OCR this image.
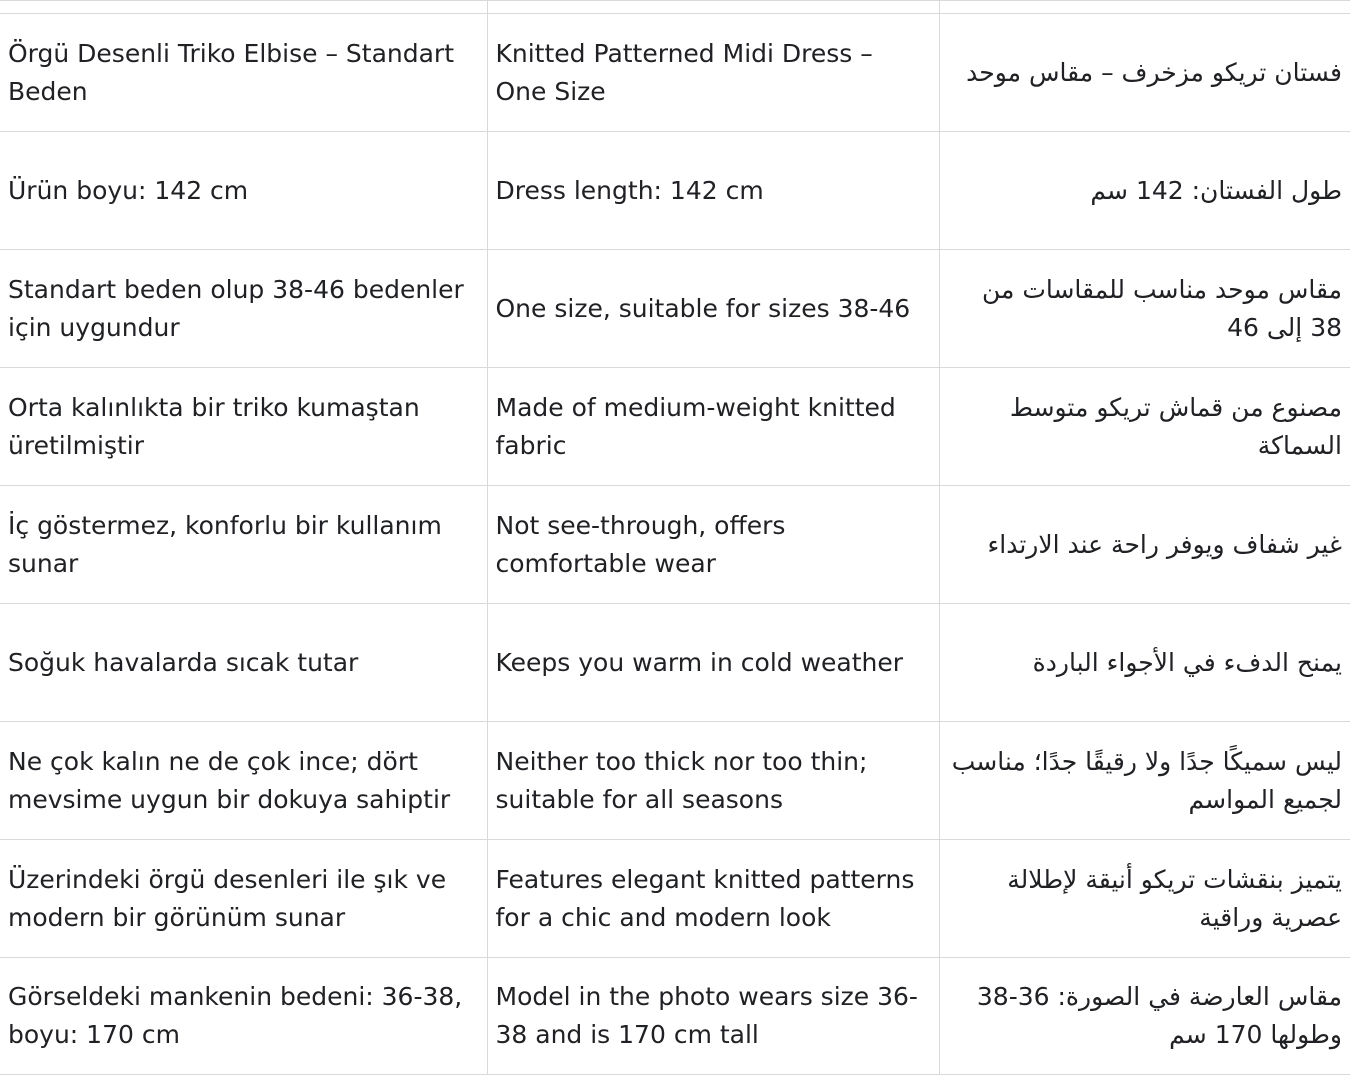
Örgü Desenli Triko Elbise – Standart Beden	Knitted Patterned Midi Dress – One Size	فستان تريكو مزخرف – مقاس موحد
Ürün boyu: 142 cm	Dress length: 142 cm	طول الفستان: 142 سم
Standart beden olup 38-46 bedenler için uygundur	One size, suitable for sizes 38-46	مقاس موحد مناسب للمقاسات من 38 إلى 46
Orta kalınlıkta bir triko kumaştan üretilmiştir	Made of medium-weight knitted fabric	مصنوع من قماش تريكو متوسط السماكة
İç göstermez, konforlu bir kullanım sunar	Not see-through, offers comfortable wear	غير شفاف ويوفر راحة عند الارتداء
Soğuk havalarda sıcak tutar	Keeps you warm in cold weather	يمنح الدفء في الأجواء الباردة
Ne çok kalın ne de çok ince; dört mevsime uygun bir dokuya sahiptir	Neither too thick nor too thin; suitable for all seasons	ليس سميكًا جدًا ولا رقيقًا جدًا؛ مناسب لجميع المواسم
Üzerindeki örgü desenleri ile şık ve modern bir görünüm sunar	Features elegant knitted patterns for a chic and modern look	يتميز بنقشات تريكو أنيقة لإطلالة عصرية وراقية
Görseldeki mankenin bedeni: 36-38, boyu: 170 cm	Model in the photo wears size 36-38 and is 170 cm tall	مقاس العارضة في الصورة: 36-38 وطولها 170 سم
